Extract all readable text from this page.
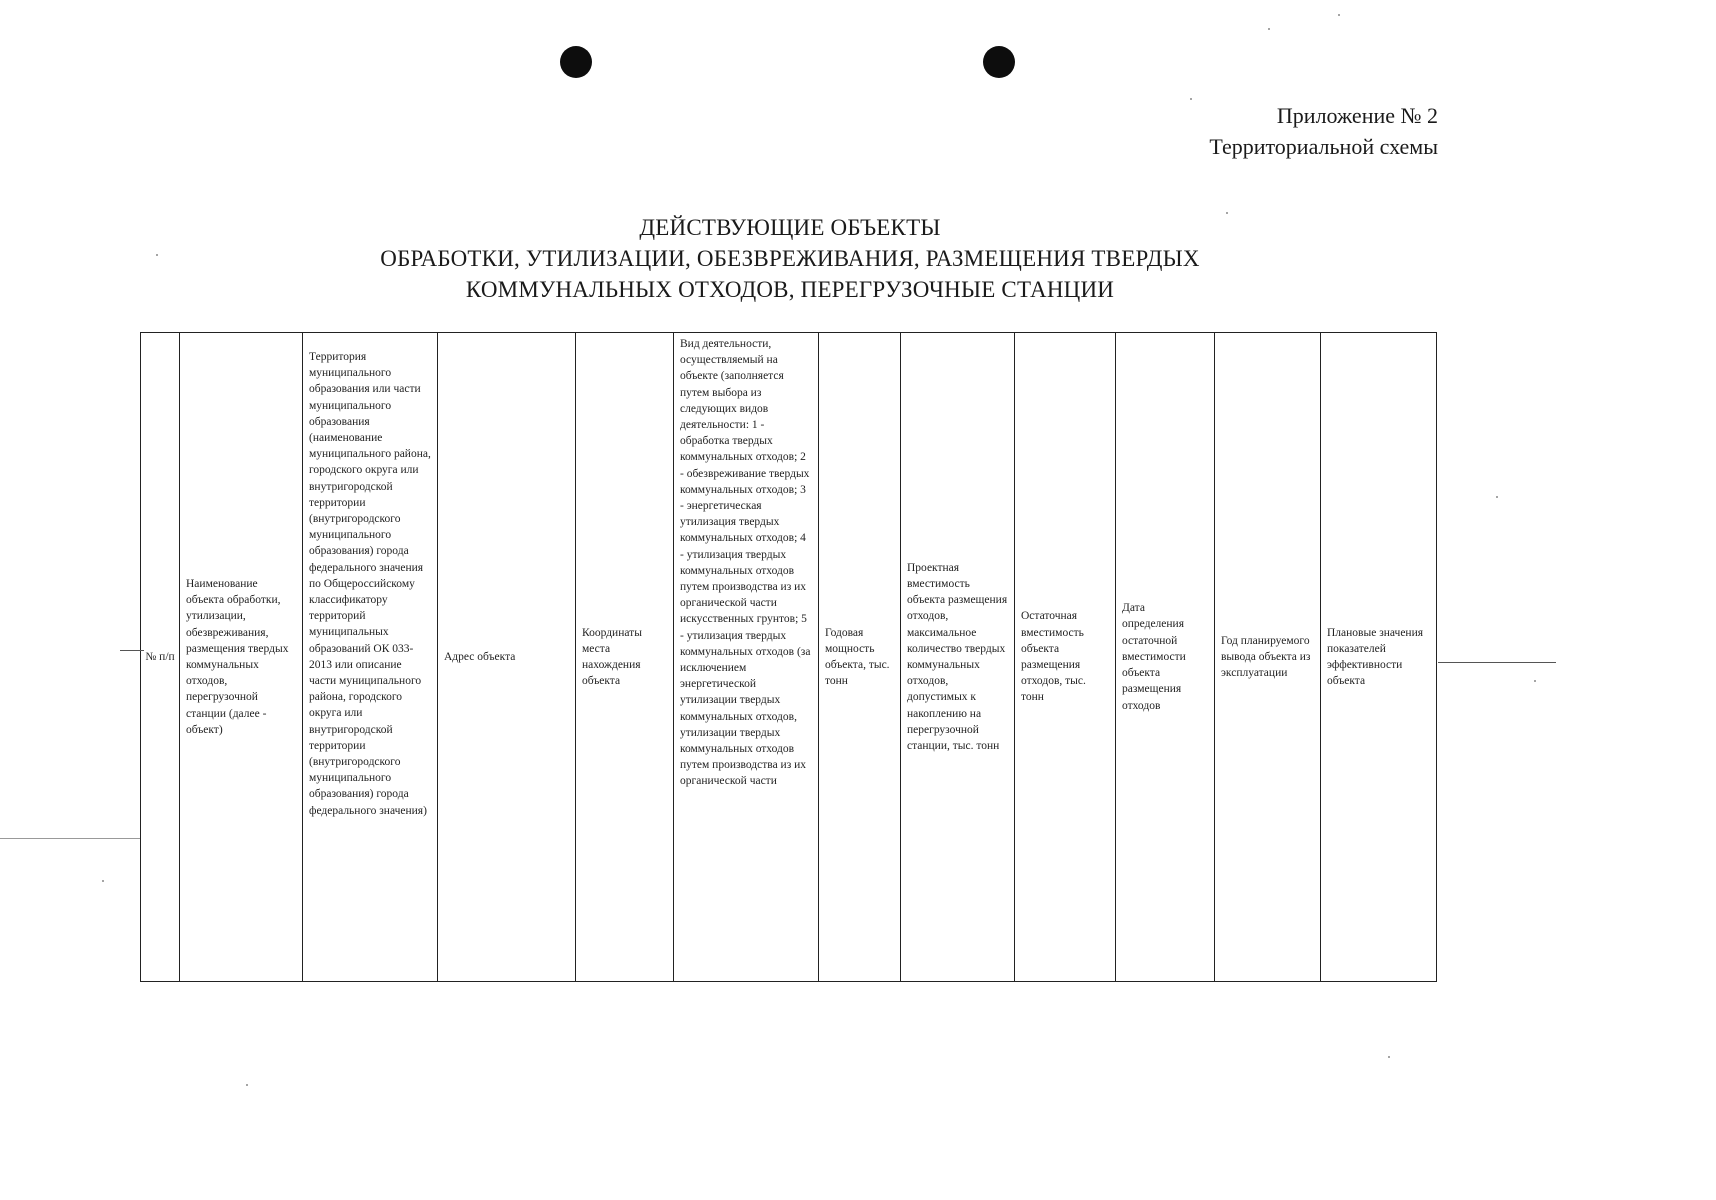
Приложение № 2
Территориальной схемы
ДЕЙСТВУЮЩИЕ ОБЪЕКТЫ
ОБРАБОТКИ, УТИЛИЗАЦИИ, ОБЕЗВРЕЖИВАНИЯ, РАЗМЕЩЕНИЯ ТВЕРДЫХ
КОММУНАЛЬНЫХ ОТХОДОВ, ПЕРЕГРУЗОЧНЫЕ СТАНЦИИ
№ п/п	Наименование объекта обработки, утилизации, обезвреживания, размещения твердых коммунальных отходов, перегрузочной станции (далее - объект)	Территория муниципального образования или части муниципального образования (наименование муниципального района, городского округа или внутригородской территории (внутригородского муниципального образования) города федерального значения по Общероссийскому классификатору территорий муниципальных образований ОК 033-2013 или описание части муниципального района, городского округа или внутригородской территории (внутригородского муниципального образования) города федерального значения)	Адрес объекта	Координаты места нахождения объекта	Вид деятельности, осуществляемый на объекте (заполняется путем выбора из следующих видов деятельности: 1 - обработка твердых коммунальных отходов; 2 - обезвреживание твердых коммунальных отходов; 3 - энергетическая утилизация твердых коммунальных отходов; 4 - утилизация твердых коммунальных отходов путем производства из их органической части искусственных грунтов; 5 - утилизация твердых коммунальных отходов (за исключением энергетической утилизации твердых коммунальных отходов, утилизации твердых коммунальных отходов путем производства из их органической части	Годовая мощность объекта, тыс. тонн	Проектная вместимость объекта размещения отходов, максимальное количество твердых коммунальных отходов, допустимых к накоплению на перегрузочной станции, тыс. тонн	Остаточная вместимость объекта размещения отходов, тыс. тонн	Дата определения остаточной вместимости объекта размещения отходов	Год планируемого вывода объекта из эксплуатации	Плановые значения показателей эффективности объекта
